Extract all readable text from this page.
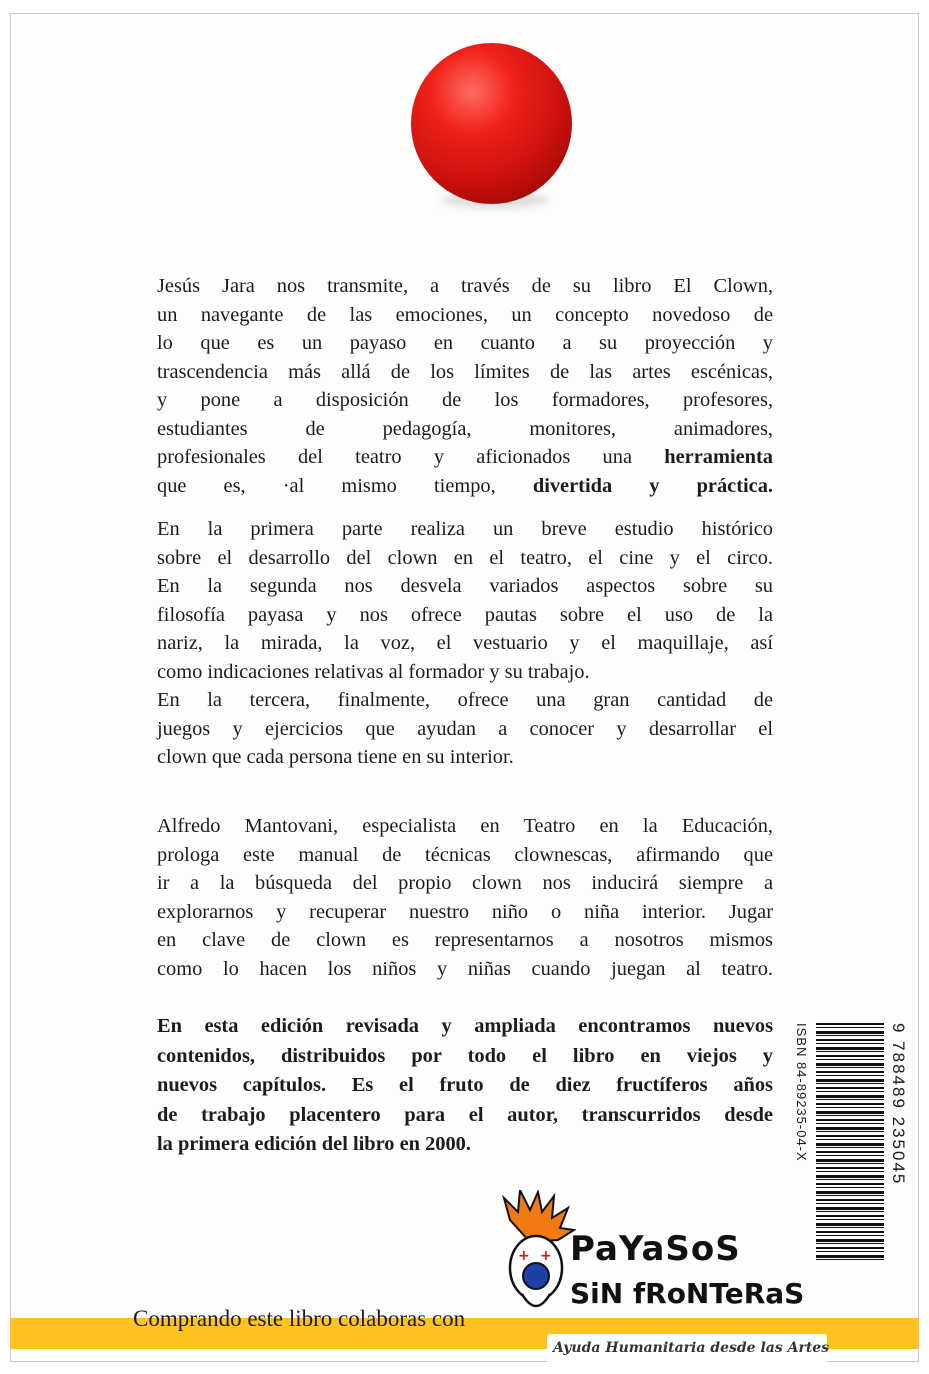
Jesús Jara nos transmite, a través de su libro El Clown,
un navegante de las emociones, un concepto novedoso de
lo que es un payaso en cuanto a su proyección y
trascendencia más allá de los límites de las artes escénicas,
y pone a disposición de los formadores, profesores,
estudiantes de pedagogía, monitores, animadores,
profesionales del teatro y aficionados una herramienta
que es, ·al mismo tiempo, divertida y práctica.

En la primera parte realiza un breve estudio histórico
sobre el desarrollo del clown en el teatro, el cine y el circo.
En la segunda nos desvela variados aspectos sobre su
filosofía payasa y nos ofrece pautas sobre el uso de la
nariz, la mirada, la voz, el vestuario y el maquillaje, así
como indicaciones relativas al formador y su trabajo.
En la tercera, finalmente, ofrece una gran cantidad de
juegos y ejercicios que ayudan a conocer y desarrollar el
clown que cada persona tiene en su interior.

Alfredo Mantovani, especialista en Teatro en la Educación,
prologa este manual de técnicas clownescas, afirmando que
ir a la búsqueda del propio clown nos inducirá siempre a
explorarnos y recuperar nuestro niño o niña interior. Jugar
en clave de clown es representarnos a nosotros mismos
como lo hacen los niños y niñas cuando juegan al teatro.

En esta edición revisada y ampliada encontramos nuevos
contenidos, distribuidos por todo el libro en viejos y
nuevos capítulos. Es el fruto de diez fructíferos años
de trabajo placentero para el autor, transcurridos desde
la primera edición del libro en 2000.	ISBN 84-89235-04-X	9 788489 235045

Comprando este libro colaboras con

+ + PaYaSoS

SiN fRoNTeRaS

Ayuda Humanitaria desde las Artes
